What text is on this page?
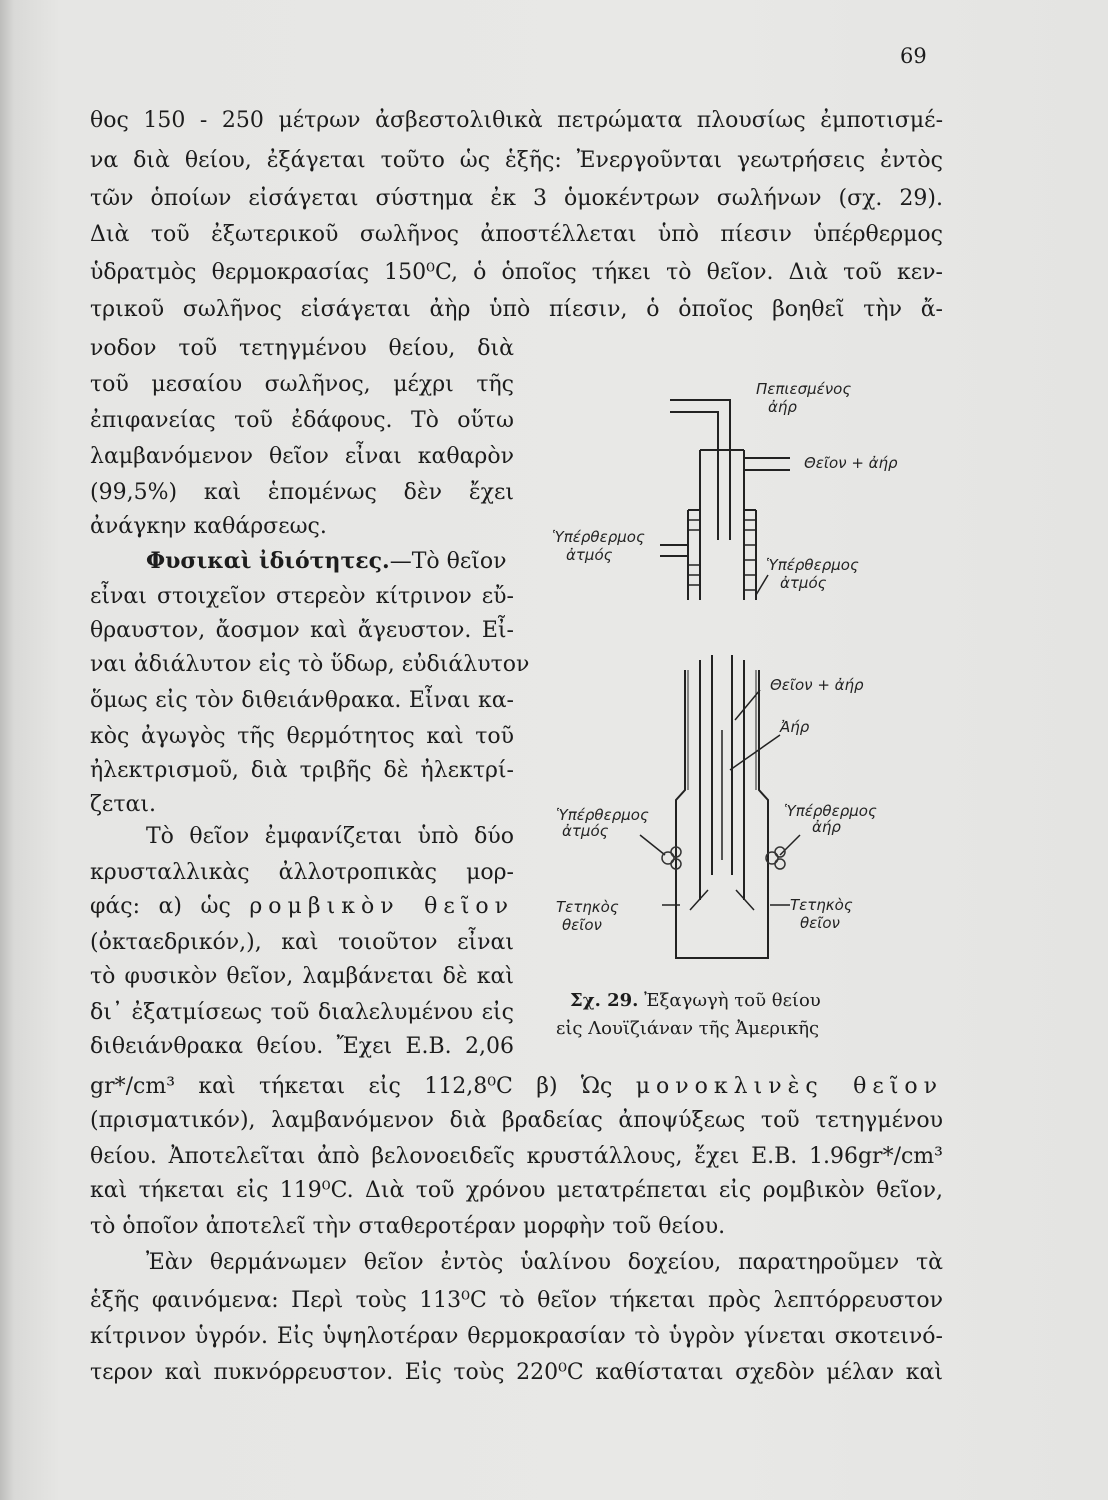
69
θος 150 - 250 μέτρων ἀσβεστολιθικὰ πετρώματα πλουσίως ἐμποτισμέ-
να διὰ θείου, ἐξάγεται τοῦτο ὡς ἑξῆς: Ἐνεργοῦνται γεωτρήσεις ἐντὸς
τῶν ὁποίων εἰσάγεται σύστημα ἐκ 3 ὁμοκέντρων σωλήνων (σχ. 29).
Διὰ τοῦ ἐξωτερικοῦ σωλῆνος ἀποστέλλεται ὑπὸ πίεσιν ὑπέρθερμος
ὑδρατμὸς θερμοκρασίας 150⁰C, ὁ ὁποῖος τήκει τὸ θεῖον. Διὰ τοῦ κεν-
τρικοῦ σωλῆνος εἰσάγεται ἀὴρ ὑπὸ πίεσιν, ὁ ὁποῖος βοηθεῖ τὴν ἄ-
νοδον τοῦ τετηγμένου θείου, διὰ
τοῦ μεσαίου σωλῆνος, μέχρι τῆς
ἐπιφανείας τοῦ ἐδάφους. Τὸ οὕτω
λαμβανόμενον θεῖον εἶναι καθαρὸν
(99,5%) καὶ ἑπομένως δὲν ἔχει
ἀνάγκην καθάρσεως.
Φυσικαὶ ἰδιότητες.—Τὸ θεῖον
εἶναι στοιχεῖον στερεὸν κίτρινον εὔ-
θραυστον, ἄοσμον καὶ ἄγευστον. Εἶ-
ναι ἀδιάλυτον εἰς τὸ ὕδωρ, εὐδιάλυτον
ὅμως εἰς τὸν διθειάνθρακα. Εἶναι κα-
κὸς ἀγωγὸς τῆς θερμότητος καὶ τοῦ
ἠλεκτρισμοῦ, διὰ τριβῆς δὲ ἠλεκτρί-
ζεται.
Τὸ θεῖον ἐμφανίζεται ὑπὸ δύο
κρυσταλλικὰς ἀλλοτροπικὰς μορ-
φάς: α) ὡς ρομβικὸν θεῖον
(ὀκταεδρικόν,), καὶ τοιοῦτον εἶναι
τὸ φυσικὸν θεῖον, λαμβάνεται δὲ καὶ
δι᾽ ἐξατμίσεως τοῦ διαλελυμένου εἰς
διθειάνθρακα θείου. Ἔχει Ε.Β. 2,06
gr*/cm³ καὶ τήκεται εἰς 112,8⁰C β) Ὡς μονοκλινὲς θεῖον
(πρισματικόν), λαμβανόμενον διὰ βραδείας ἀποψύξεως τοῦ τετηγμένου
θείου. Ἀποτελεῖται ἀπὸ βελονοειδεῖς κρυστάλλους, ἔχει Ε.Β. 1.96gr*/cm³
καὶ τήκεται εἰς 119⁰C. Διὰ τοῦ χρόνου μετατρέπεται εἰς ρομβικὸν θεῖον,
τὸ ὁποῖον ἀποτελεῖ τὴν σταθεροτέραν μορφὴν τοῦ θείου.
Ἐὰν θερμάνωμεν θεῖον ἐντὸς ὑαλίνου δοχείου, παρατηροῦμεν τὰ
ἑξῆς φαινόμενα: Περὶ τοὺς 113⁰C τὸ θεῖον τήκεται πρὸς λεπτόρρευστον
κίτρινον ὑγρόν. Εἰς ὑψηλοτέραν θερμοκρασίαν τὸ ὑγρὸν γίνεται σκοτεινό-
τερον καὶ πυκνόρρευστον. Εἰς τοὺς 220⁰C καθίσταται σχεδὸν μέλαν καὶ
Πεπιεσμένος
ἀήρ
Θεῖον + ἀήρ
Ὑπέρθερμος
ἀτμός
Ὑπέρθερμος
ἀτμός
Θεῖον + ἀήρ
Ἀήρ
Ὑπέρθερμος
ἀτμός
Ὑπέρθερμος
ἀήρ
Τετηκὸς
θεῖον
Τετηκὸς
θεῖον
Σχ. 29. Ἐξαγωγὴ τοῦ θείου
εἰς Λουϊζιάναν τῆς Ἀμερικῆς
